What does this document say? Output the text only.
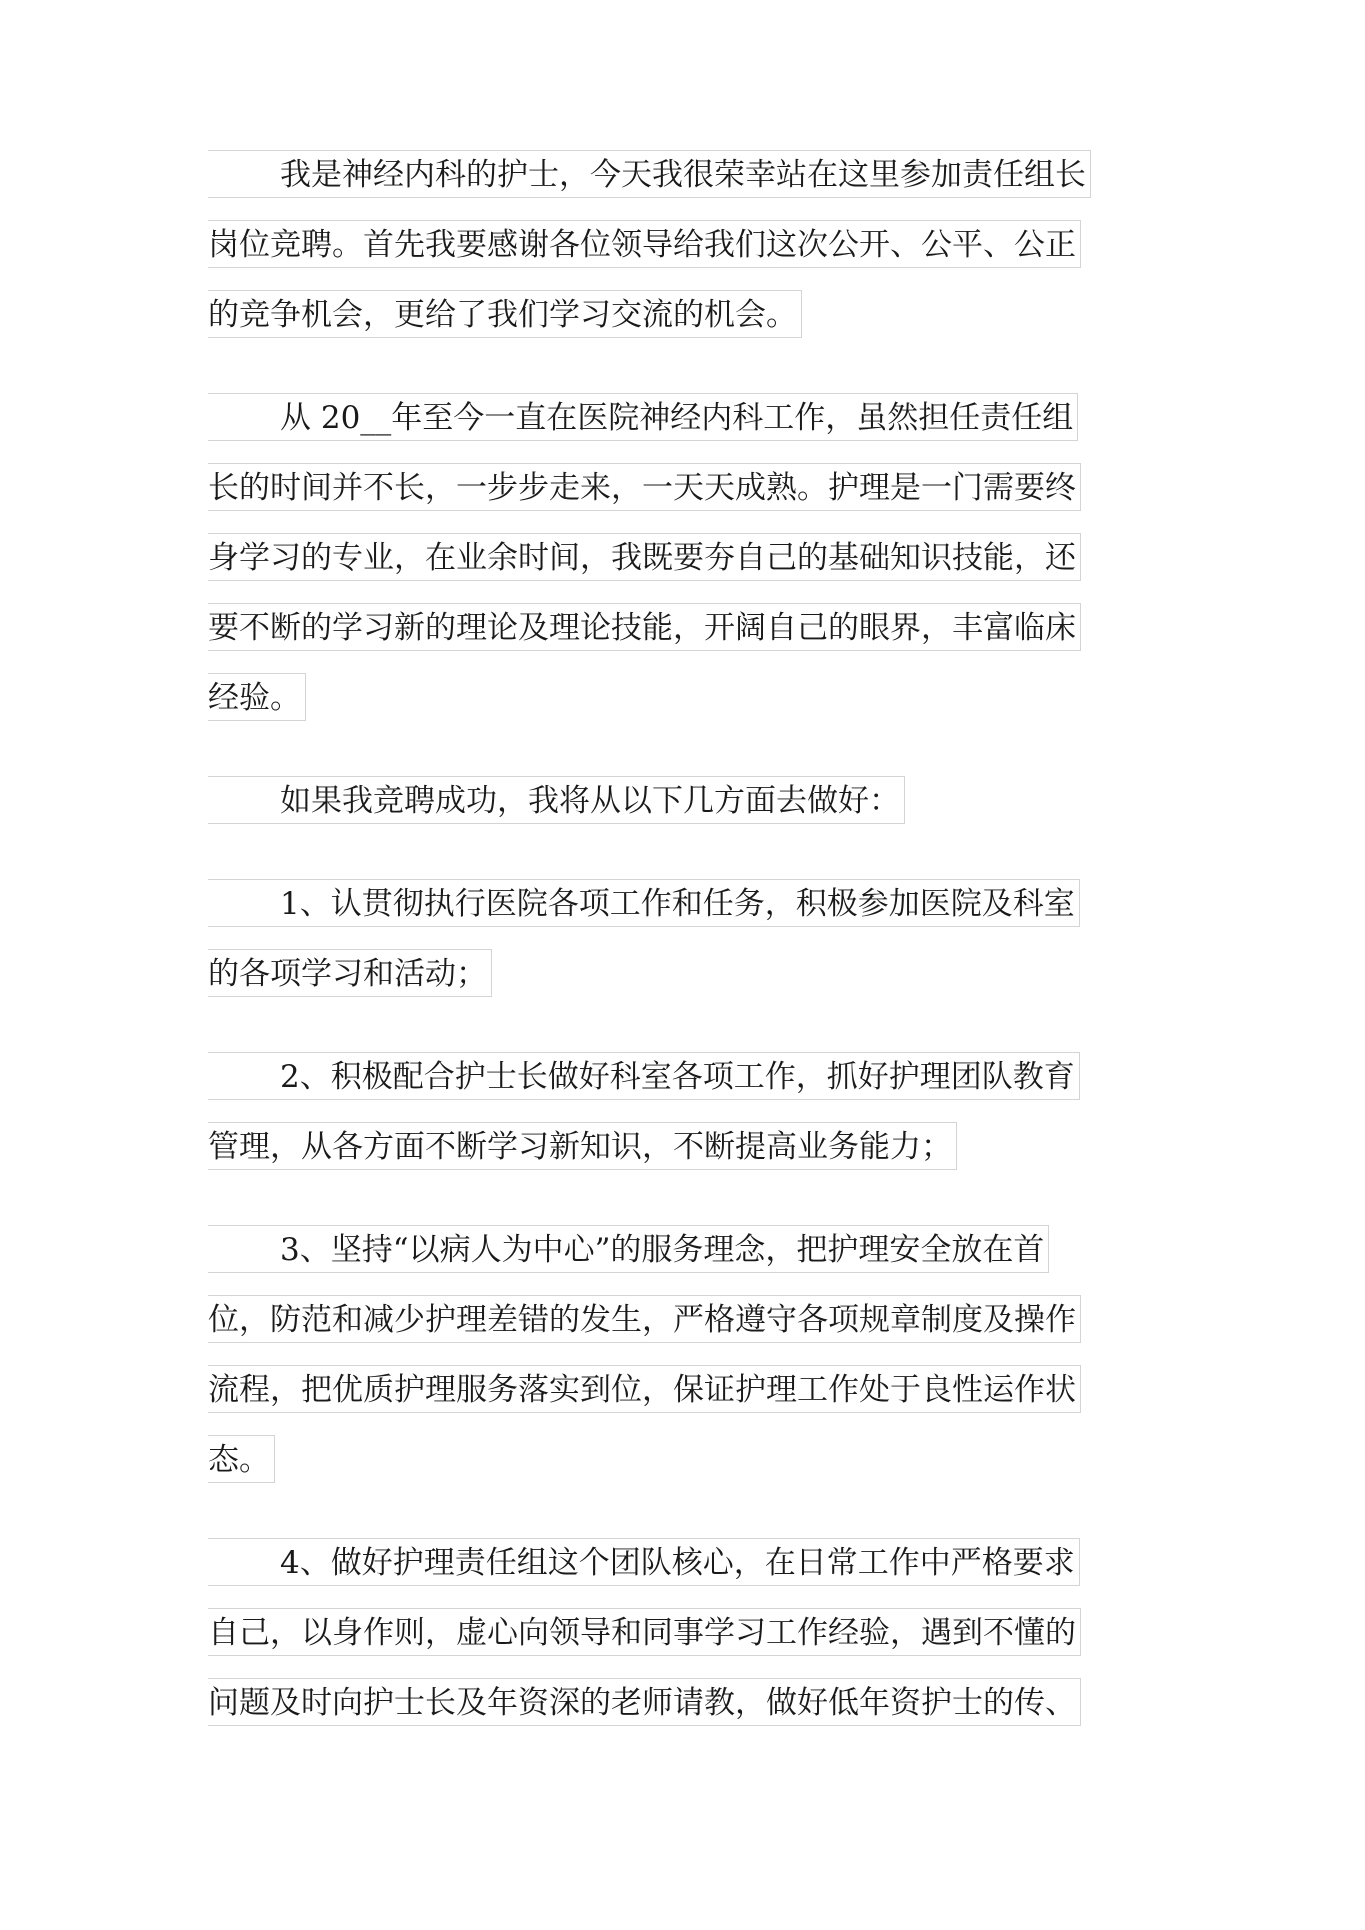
我是神经内科的护士，今天我很荣幸站在这里参加责任组长
岗位竞聘。首先我要感谢各位领导给我们这次公开、公平、公正
的竞争机会，更给了我们学习交流的机会。
从 20__年至今一直在医院神经内科工作，虽然担任责任组
长的时间并不长，一步步走来，一天天成熟。护理是一门需要终
身学习的专业，在业余时间，我既要夯自己的基础知识技能，还
要不断的学习新的理论及理论技能，开阔自己的眼界，丰富临床
经验。
如果我竞聘成功，我将从以下几方面去做好：
1、认贯彻执行医院各项工作和任务，积极参加医院及科室
的各项学习和活动；
2、积极配合护士长做好科室各项工作，抓好护理团队教育
管理，从各方面不断学习新知识，不断提高业务能力；
3、坚持“以病人为中心”的服务理念，把护理安全放在首
位，防范和减少护理差错的发生，严格遵守各项规章制度及操作
流程，把优质护理服务落实到位，保证护理工作处于良性运作状
态。
4、做好护理责任组这个团队核心，在日常工作中严格要求
自己，以身作则，虚心向领导和同事学习工作经验，遇到不懂的
问题及时向护士长及年资深的老师请教，做好低年资护士的传、
